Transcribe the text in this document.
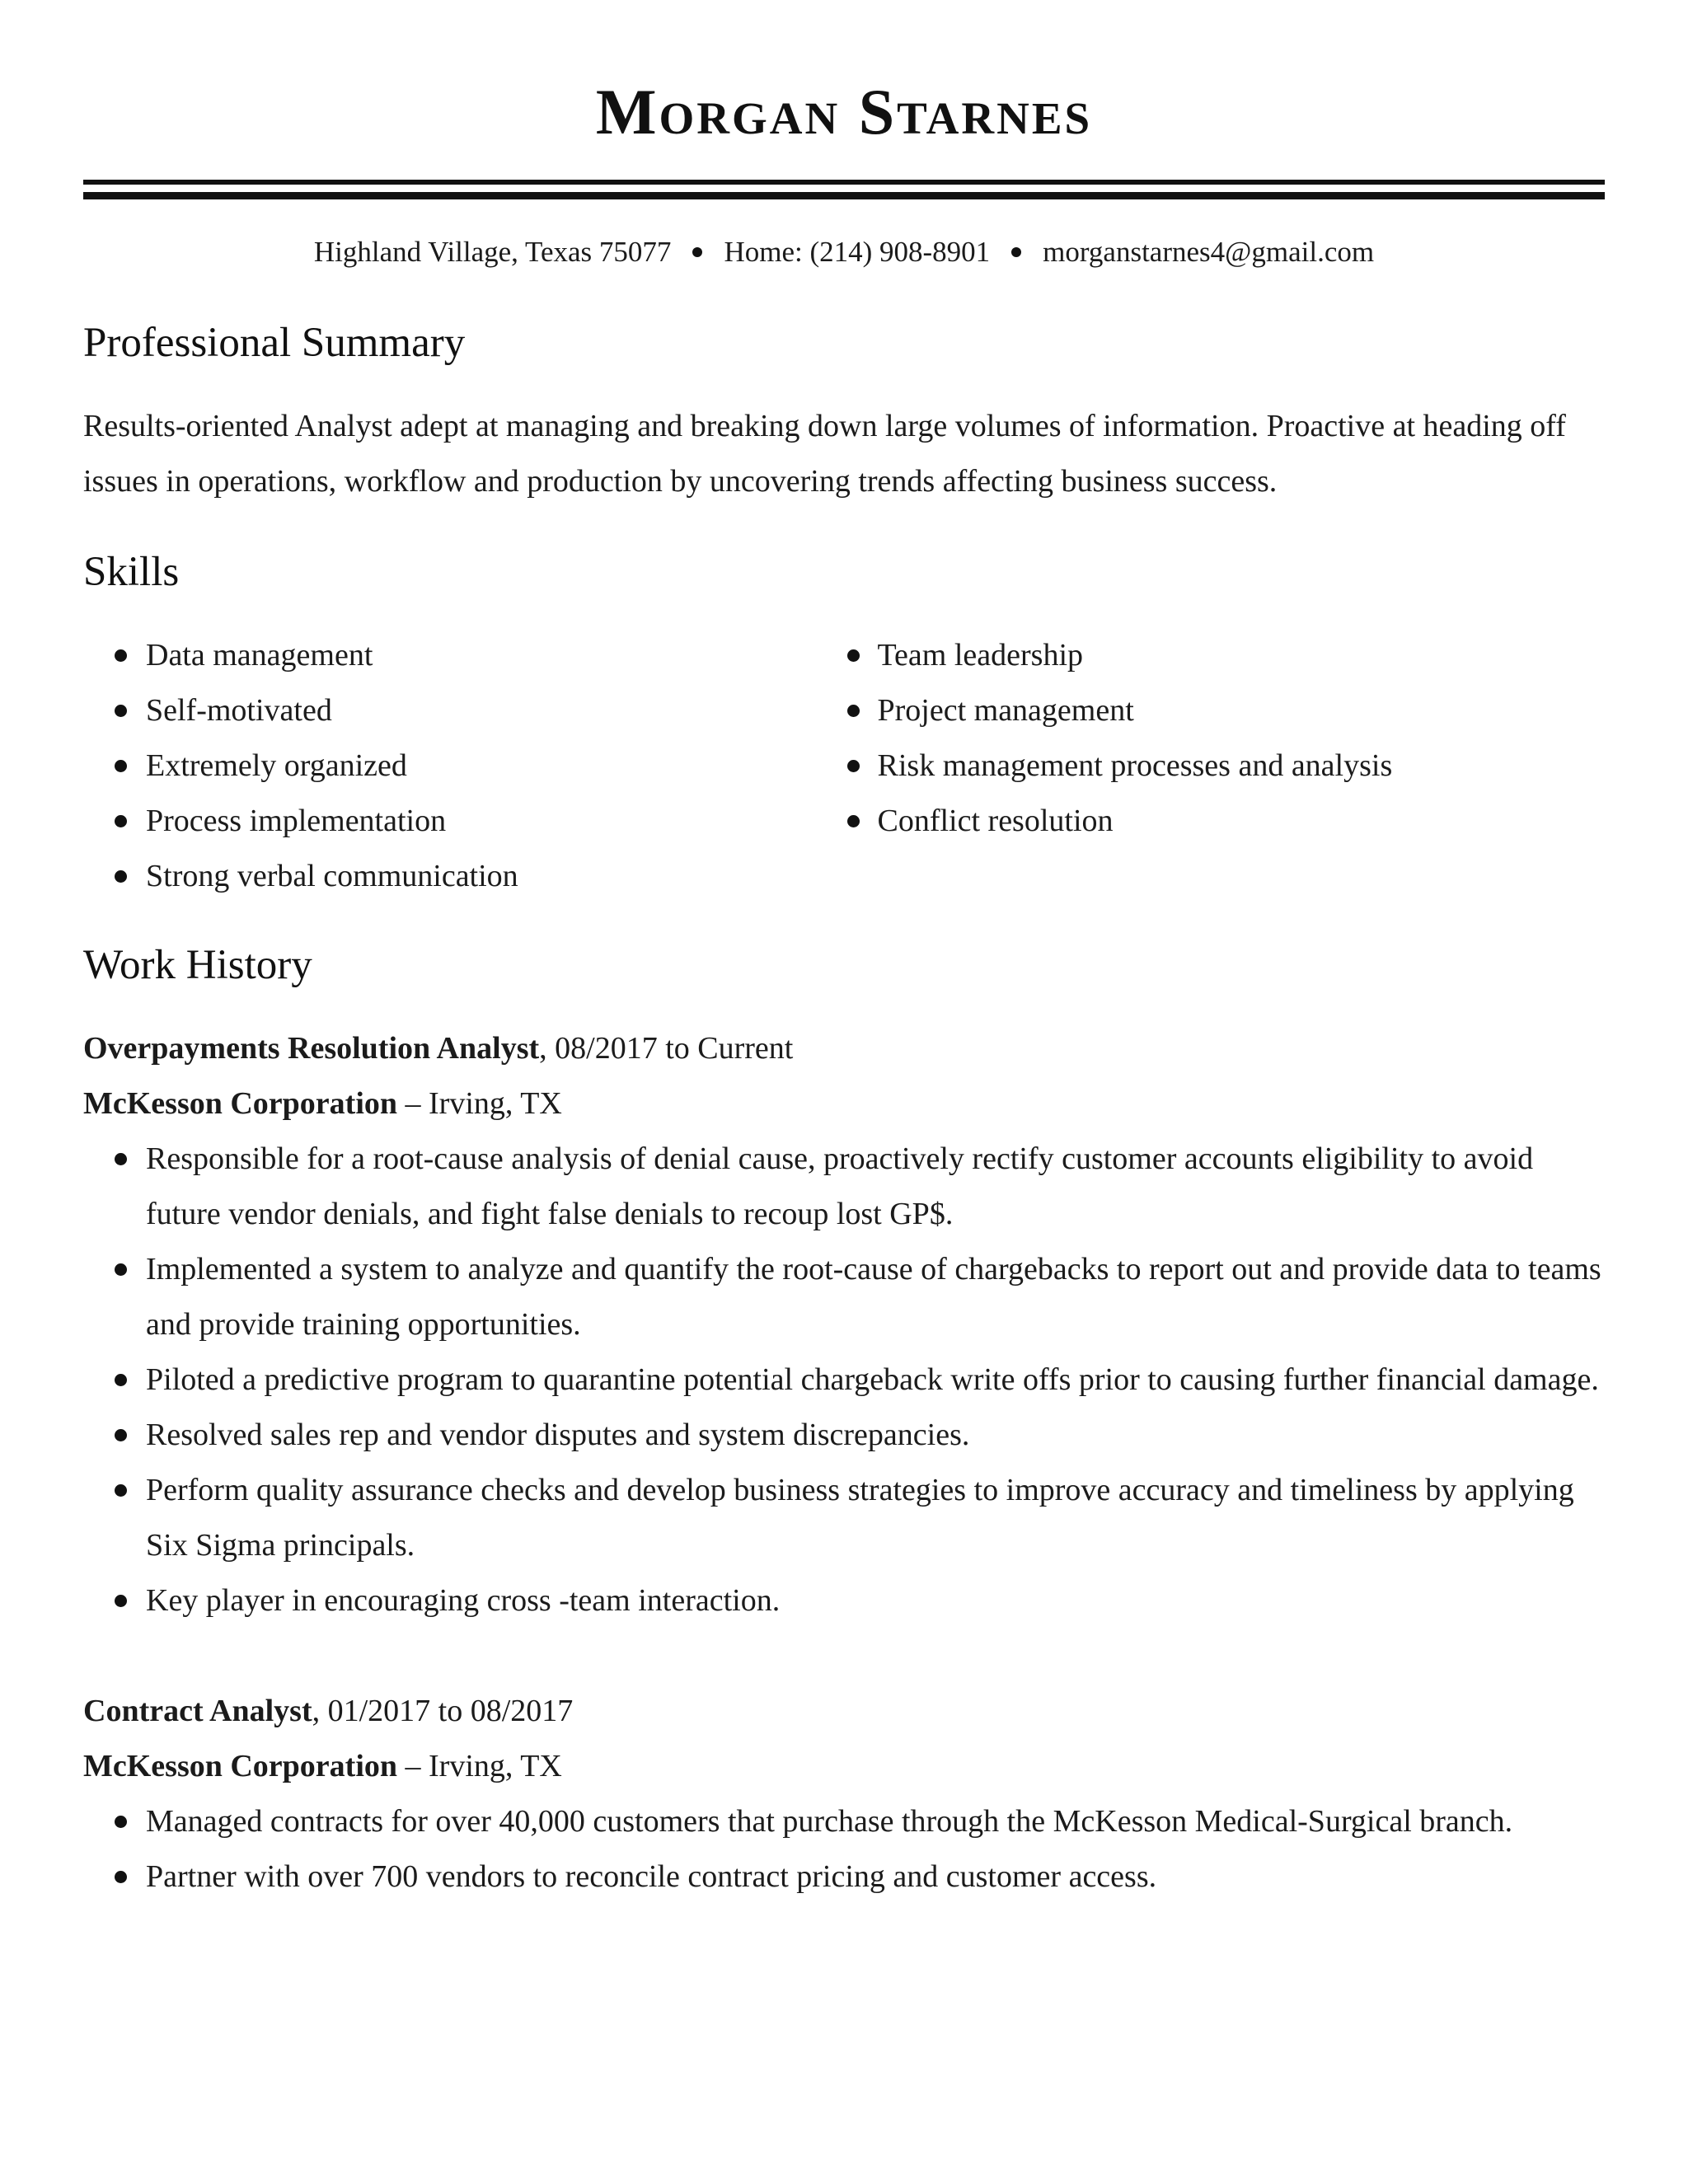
Morgan Starnes
Highland Village, Texas 75077 Home: (214) 908-8901 morganstarnes4@gmail.com
Professional Summary
Results-oriented Analyst adept at managing and breaking down large volumes of information. Proactive at heading off issues in operations, workflow and production by uncovering trends affecting business success.
Skills
Data management
Self-motivated
Extremely organized
Process implementation
Strong verbal communication
Team leadership
Project management
Risk management processes and analysis
Conflict resolution
Work History
Overpayments Resolution Analyst, 08/2017 to Current
McKesson Corporation – Irving, TX
Responsible for a root-cause analysis of denial cause, proactively rectify customer accounts eligibility to avoid future vendor denials, and fight false denials to recoup lost GP$.
Implemented a system to analyze and quantify the root-cause of chargebacks to report out and provide data to teams and provide training opportunities.
Piloted a predictive program to quarantine potential chargeback write offs prior to causing further financial damage.
Resolved sales rep and vendor disputes and system discrepancies.
Perform quality assurance checks and develop business strategies to improve accuracy and timeliness by applying Six Sigma principals.
Key player in encouraging cross -team interaction.
Contract Analyst, 01/2017 to 08/2017
McKesson Corporation – Irving, TX
Managed contracts for over 40,000 customers that purchase through the McKesson Medical-Surgical branch.
Partner with over 700 vendors to reconcile contract pricing and customer access.
